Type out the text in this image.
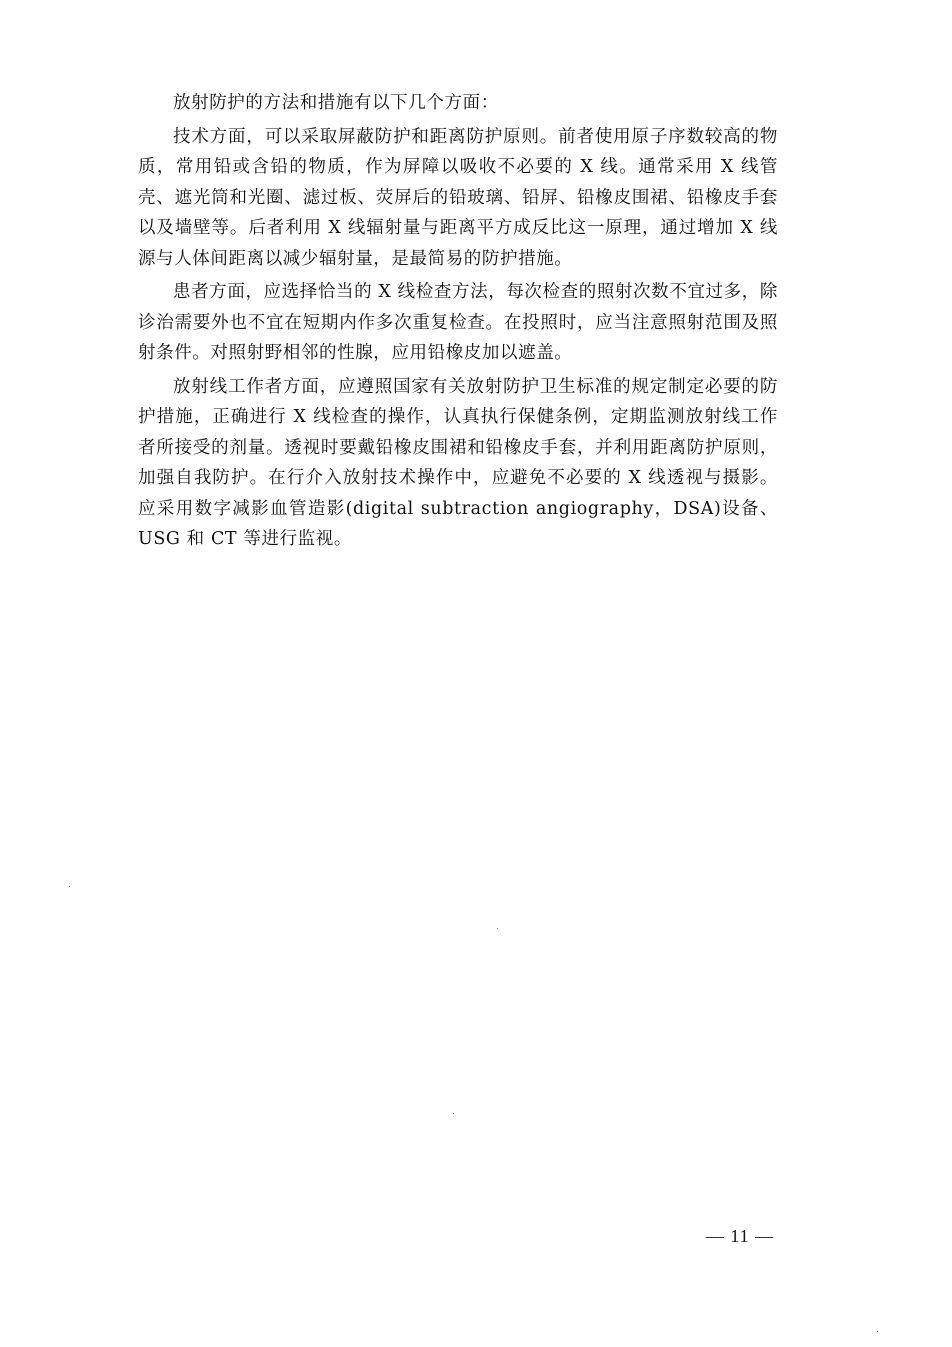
放射防护的方法和措施有以下几个方面：

技术方面，可以采取屏蔽防护和距离防护原则。前者使用原子序数较高的物质，常用铅或含铅的物质，作为屏障以吸收不必要的 X 线。通常采用 X 线管壳、遮光筒和光圈、滤过板、荧屏后的铅玻璃、铅屏、铅橡皮围裙、铅橡皮手套以及墙壁等。后者利用 X 线辐射量与距离平方成反比这一原理，通过增加 X 线源与人体间距离以减少辐射量，是最简易的防护措施。

患者方面，应选择恰当的 X 线检查方法，每次检查的照射次数不宜过多，除诊治需要外也不宜在短期内作多次重复检查。在投照时，应当注意照射范围及照射条件。对照射野相邻的性腺，应用铅橡皮加以遮盖。

放射线工作者方面，应遵照国家有关放射防护卫生标准的规定制定必要的防护措施，正确进行 X 线检查的操作，认真执行保健条例，定期监测放射线工作者所接受的剂量。透视时要戴铅橡皮围裙和铅橡皮手套，并利用距离防护原则，加强自我防护。在行介入放射技术操作中，应避免不必要的 X 线透视与摄影。应采用数字减影血管造影(digital subtraction angiography，DSA)设备、USG 和 CT 等进行监视。

— 11 —
